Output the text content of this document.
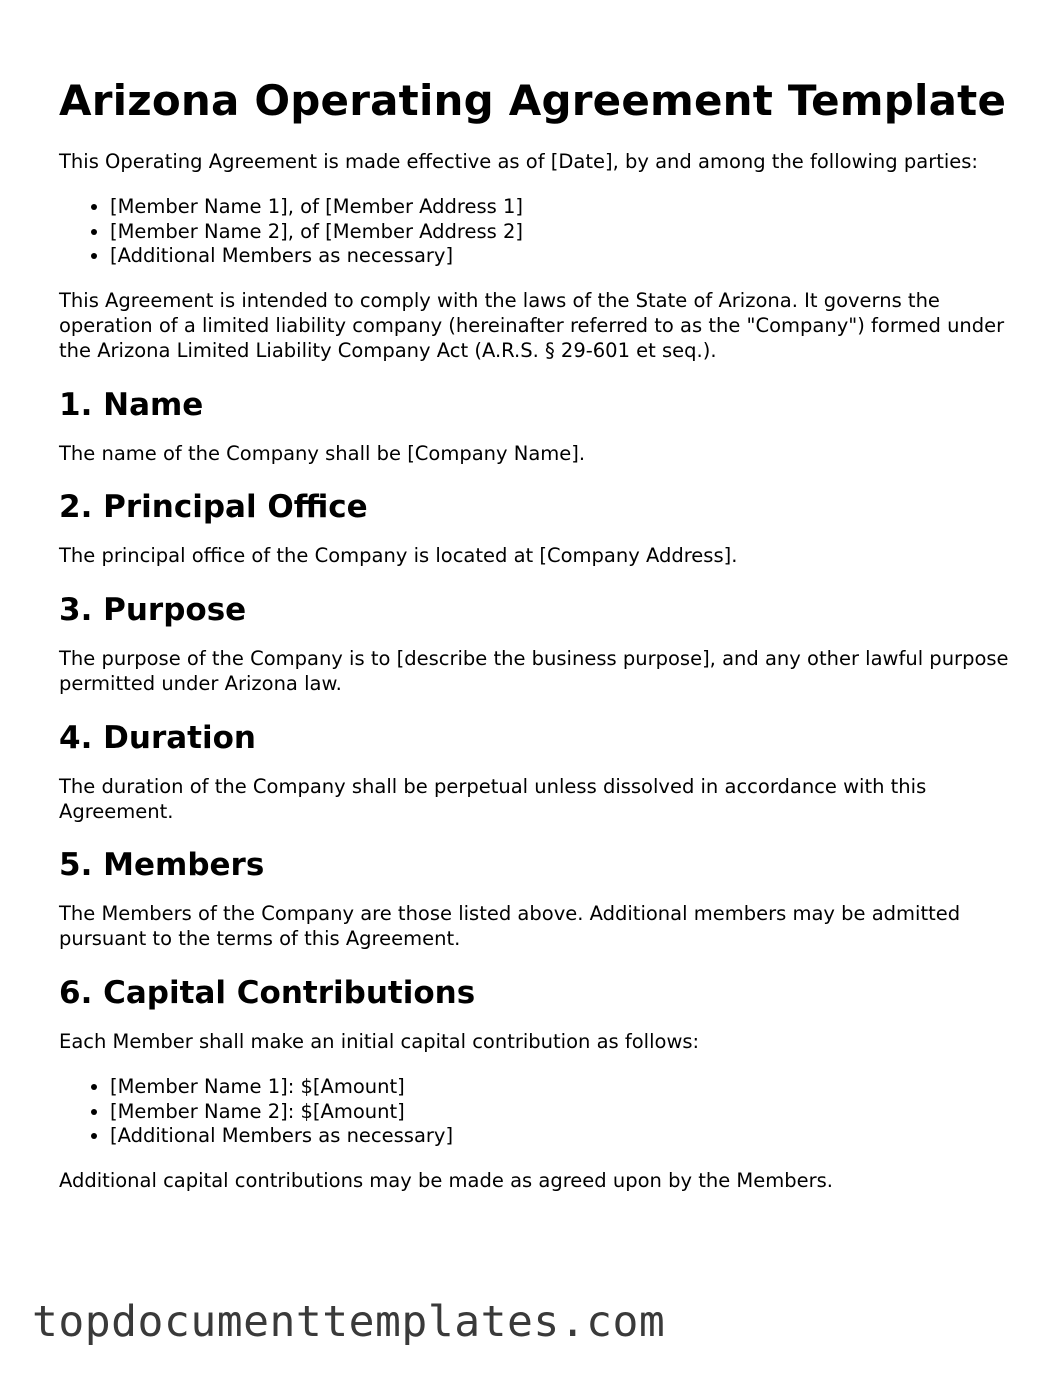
Arizona Operating Agreement Template

This Operating Agreement is made effective as of [Date], by and among the following parties:

• [Member Name 1], of [Member Address 1]
• [Member Name 2], of [Member Address 2]
• [Additional Members as necessary]

This Agreement is intended to comply with the laws of the State of Arizona. It governs the operation of a limited liability company (hereinafter referred to as the "Company") formed under the Arizona Limited Liability Company Act (A.R.S. § 29-601 et seq.).

1. Name

The name of the Company shall be [Company Name].

2. Principal Office

The principal office of the Company is located at [Company Address].

3. Purpose

The purpose of the Company is to [describe the business purpose], and any other lawful purpose permitted under Arizona law.

4. Duration

The duration of the Company shall be perpetual unless dissolved in accordance with this Agreement.

5. Members

The Members of the Company are those listed above. Additional members may be admitted pursuant to the terms of this Agreement.

6. Capital Contributions

Each Member shall make an initial capital contribution as follows:

• [Member Name 1]: $[Amount]
• [Member Name 2]: $[Amount]
• [Additional Members as necessary]

Additional capital contributions may be made as agreed upon by the Members.

topdocumenttemplates.com
